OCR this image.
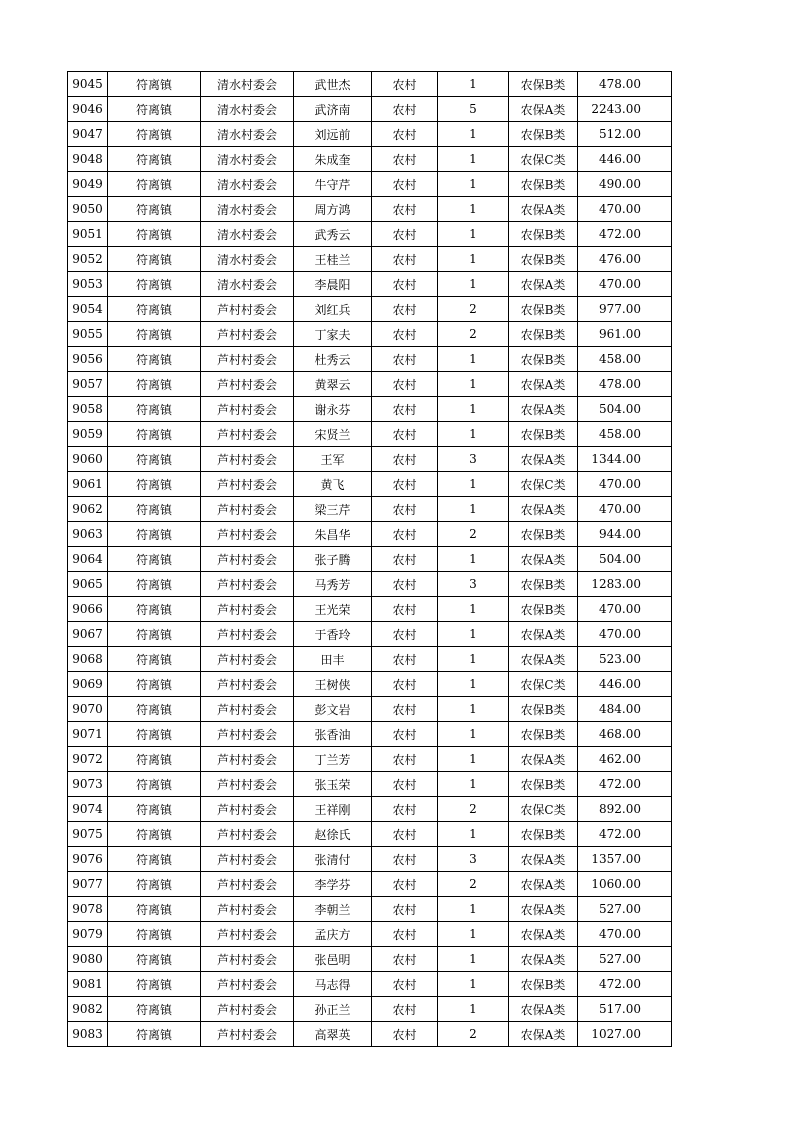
9045	符离镇	清水村委会	武世杰	农村	1	农保B类	478.00
9046	符离镇	清水村委会	武济南	农村	5	农保A类	2243.00
9047	符离镇	清水村委会	刘远前	农村	1	农保B类	512.00
9048	符离镇	清水村委会	朱成奎	农村	1	农保C类	446.00
9049	符离镇	清水村委会	牛守芹	农村	1	农保B类	490.00
9050	符离镇	清水村委会	周方鸿	农村	1	农保A类	470.00
9051	符离镇	清水村委会	武秀云	农村	1	农保B类	472.00
9052	符离镇	清水村委会	王桂兰	农村	1	农保B类	476.00
9053	符离镇	清水村委会	李晨阳	农村	1	农保A类	470.00
9054	符离镇	芦村村委会	刘红兵	农村	2	农保B类	977.00
9055	符离镇	芦村村委会	丁家夫	农村	2	农保B类	961.00
9056	符离镇	芦村村委会	杜秀云	农村	1	农保B类	458.00
9057	符离镇	芦村村委会	黄翠云	农村	1	农保A类	478.00
9058	符离镇	芦村村委会	谢永芬	农村	1	农保A类	504.00
9059	符离镇	芦村村委会	宋贤兰	农村	1	农保B类	458.00
9060	符离镇	芦村村委会	王军	农村	3	农保A类	1344.00
9061	符离镇	芦村村委会	黄飞	农村	1	农保C类	470.00
9062	符离镇	芦村村委会	梁三芹	农村	1	农保A类	470.00
9063	符离镇	芦村村委会	朱昌华	农村	2	农保B类	944.00
9064	符离镇	芦村村委会	张子腾	农村	1	农保A类	504.00
9065	符离镇	芦村村委会	马秀芳	农村	3	农保B类	1283.00
9066	符离镇	芦村村委会	王光荣	农村	1	农保B类	470.00
9067	符离镇	芦村村委会	于香玲	农村	1	农保A类	470.00
9068	符离镇	芦村村委会	田丰	农村	1	农保A类	523.00
9069	符离镇	芦村村委会	王树侠	农村	1	农保C类	446.00
9070	符离镇	芦村村委会	彭文岩	农村	1	农保B类	484.00
9071	符离镇	芦村村委会	张香油	农村	1	农保B类	468.00
9072	符离镇	芦村村委会	丁兰芳	农村	1	农保A类	462.00
9073	符离镇	芦村村委会	张玉荣	农村	1	农保B类	472.00
9074	符离镇	芦村村委会	王祥刚	农村	2	农保C类	892.00
9075	符离镇	芦村村委会	赵徐氏	农村	1	农保B类	472.00
9076	符离镇	芦村村委会	张清付	农村	3	农保A类	1357.00
9077	符离镇	芦村村委会	李学芬	农村	2	农保A类	1060.00
9078	符离镇	芦村村委会	李朝兰	农村	1	农保A类	527.00
9079	符离镇	芦村村委会	孟庆方	农村	1	农保A类	470.00
9080	符离镇	芦村村委会	张邑明	农村	1	农保A类	527.00
9081	符离镇	芦村村委会	马志得	农村	1	农保B类	472.00
9082	符离镇	芦村村委会	孙正兰	农村	1	农保A类	517.00
9083	符离镇	芦村村委会	高翠英	农村	2	农保A类	1027.00
